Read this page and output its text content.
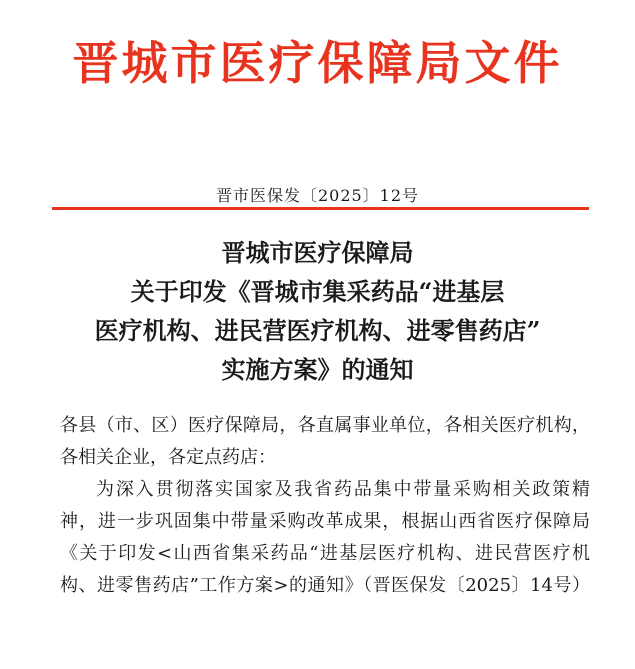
晋城市医疗保障局文件
晋市医保发〔2025〕12号
晋城市医疗保障局
关于印发《晋城市集采药品“进基层
医疗机构、进民营医疗机构、进零售药店”
实施方案》的通知
各县（市、区）医疗保障局，各直属事业单位，各相关医疗机构，
各相关企业，各定点药店：
为深入贯彻落实国家及我省药品集中带量采购相关政策精
神，进一步巩固集中带量采购改革成果，根据山西省医疗保障局
《关于印发<山西省集采药品“进基层医疗机构、进民营医疗机
构、进零售药店”工作方案>的通知》（晋医保发〔2025〕14号）
